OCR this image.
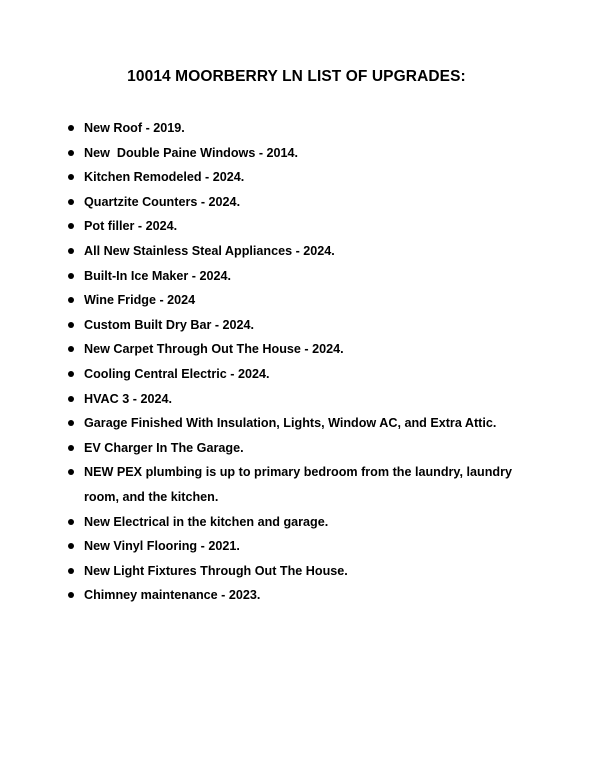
10014 MOORBERRY LN LIST OF UPGRADES:
New Roof - 2019.
New  Double Paine Windows - 2014.
Kitchen Remodeled - 2024.
Quartzite Counters - 2024.
Pot filler - 2024.
All New Stainless Steal Appliances - 2024.
Built-In Ice Maker - 2024.
Wine Fridge - 2024
Custom Built Dry Bar - 2024.
New Carpet Through Out The House - 2024.
Cooling Central Electric - 2024.
HVAC 3 - 2024.
Garage Finished With Insulation, Lights, Window AC, and Extra Attic.
EV Charger In The Garage.
NEW PEX plumbing is up to primary bedroom from the laundry, laundry room, and the kitchen.
New Electrical in the kitchen and garage.
New Vinyl Flooring - 2021.
New Light Fixtures Through Out The House.
Chimney maintenance - 2023.
